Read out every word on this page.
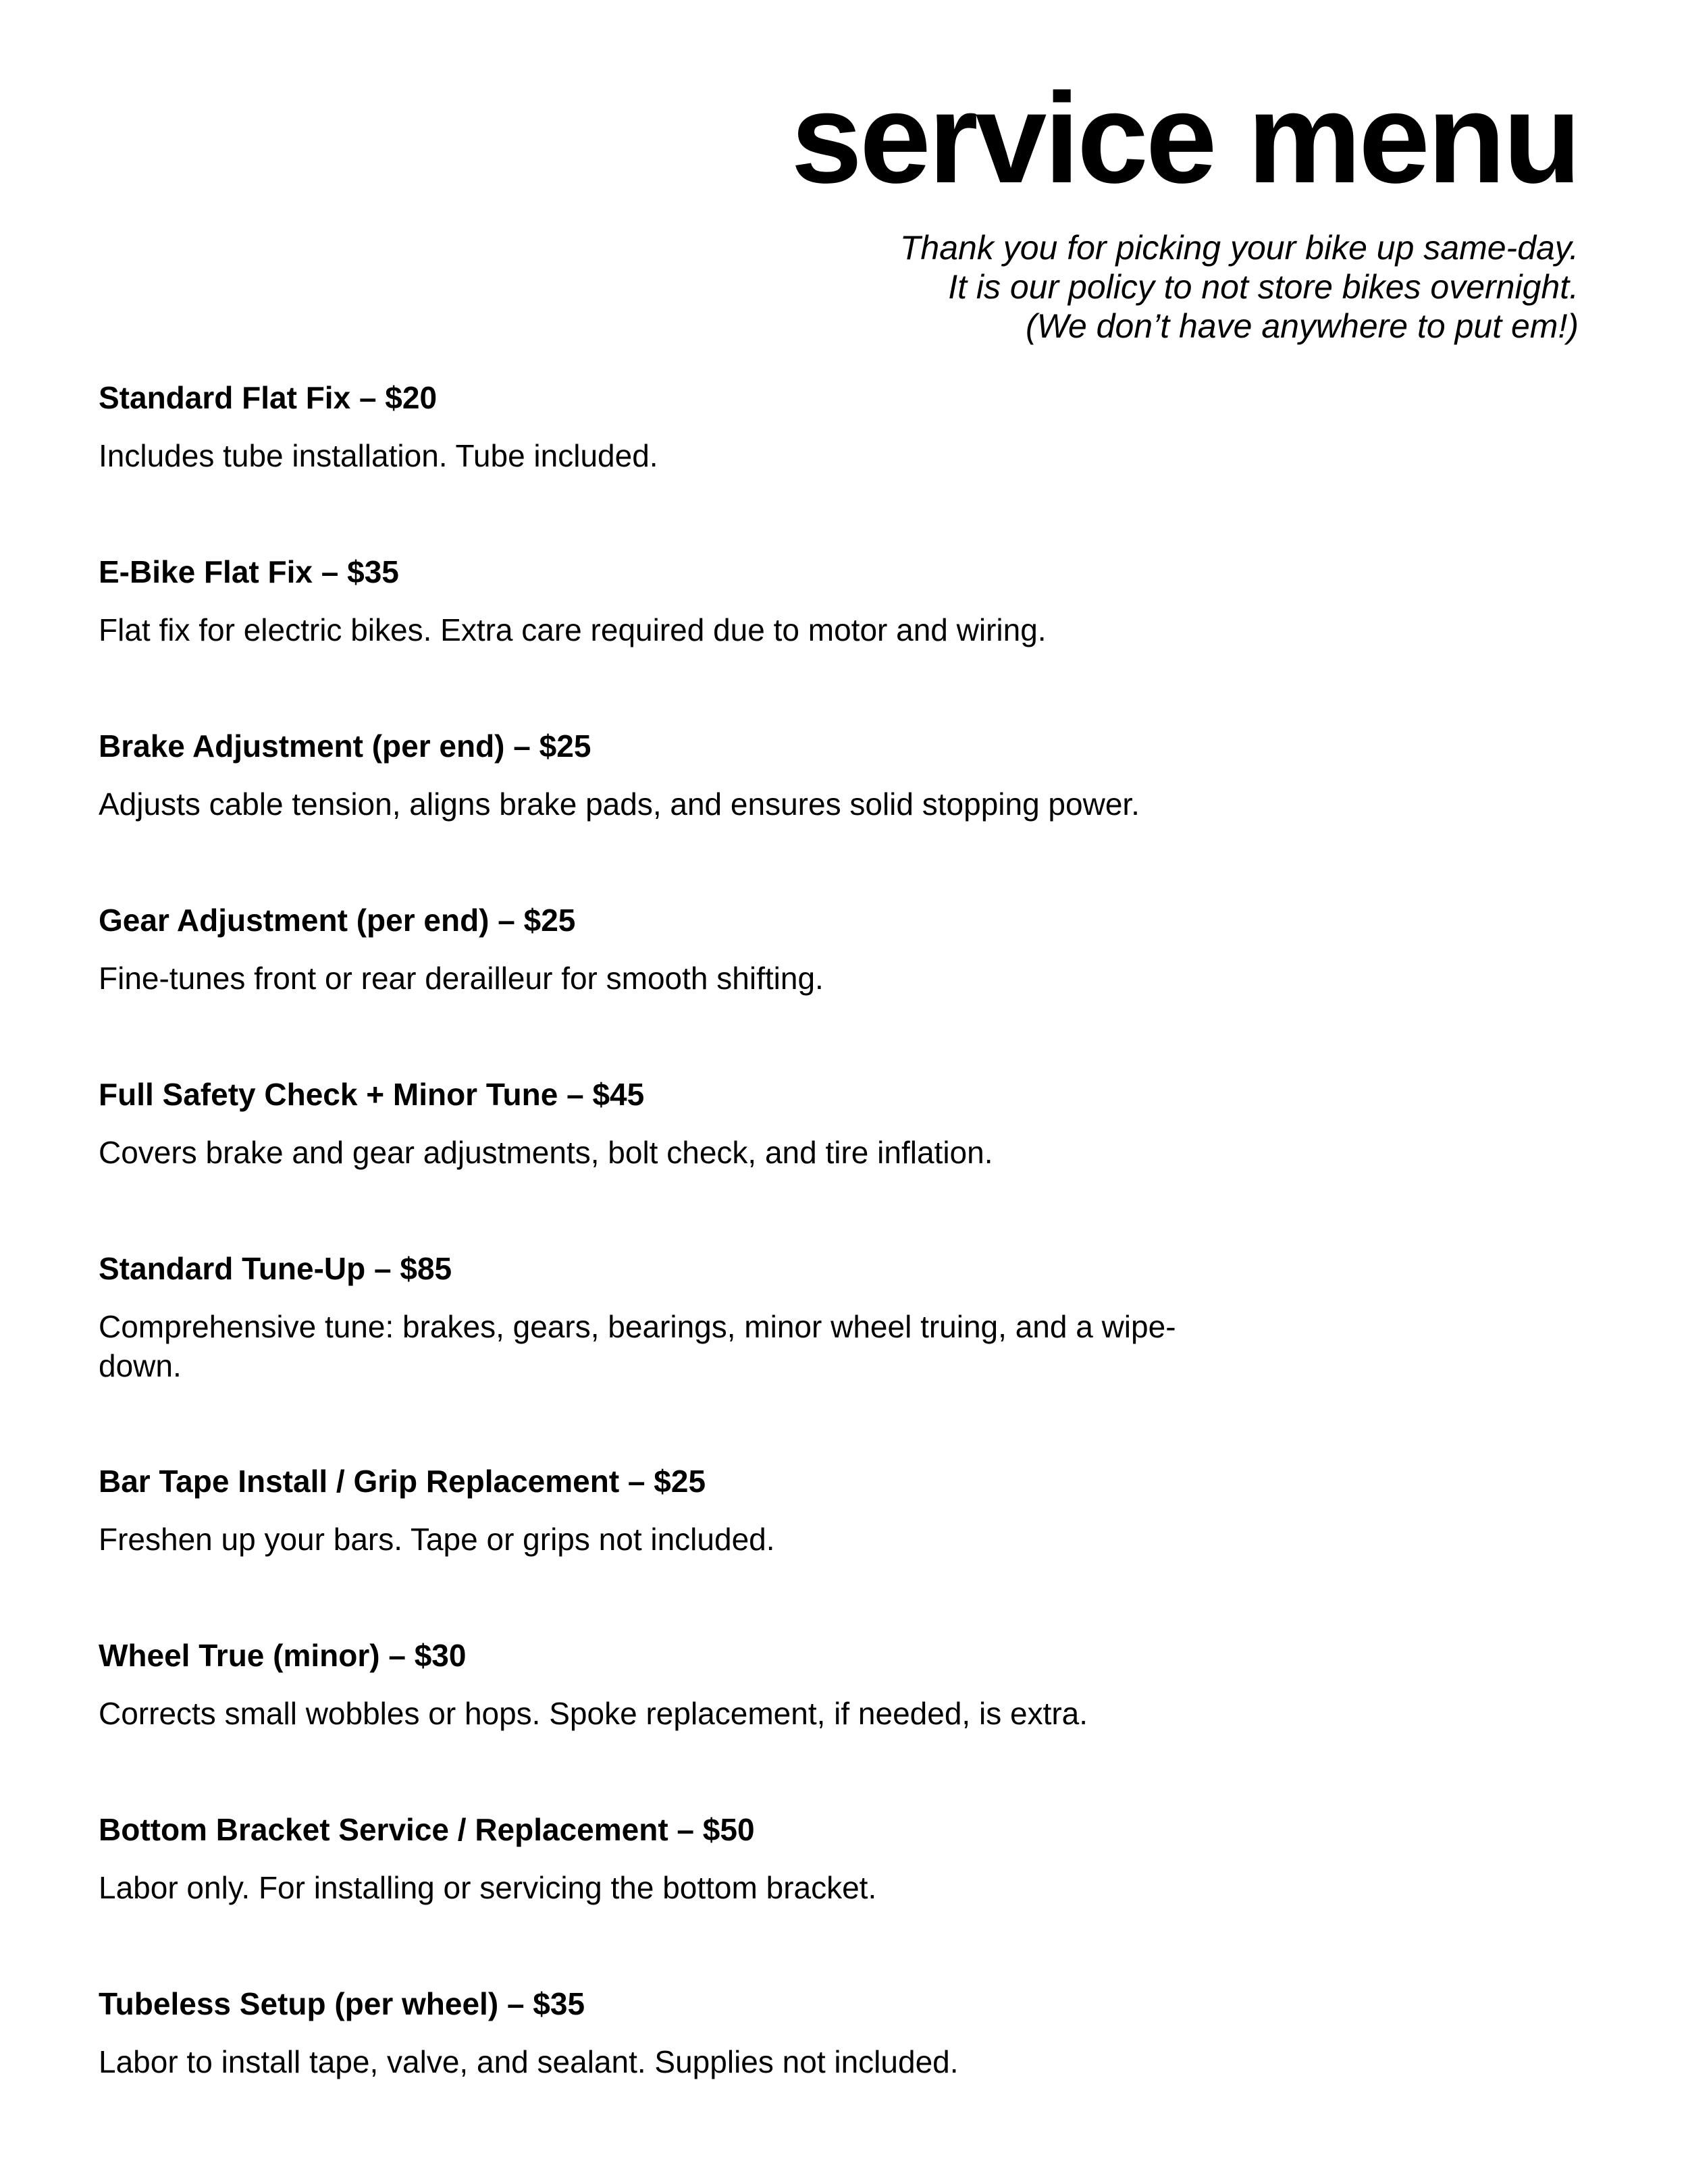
service menu
Thank you for picking your bike up same-day.
It is our policy to not store bikes overnight.
(We don’t have anywhere to put em!)
Standard Flat Fix – $20
Includes tube installation. Tube included.
E-Bike Flat Fix – $35
Flat fix for electric bikes. Extra care required due to motor and wiring.
Brake Adjustment (per end) – $25
Adjusts cable tension, aligns brake pads, and ensures solid stopping power.
Gear Adjustment (per end) – $25
Fine-tunes front or rear derailleur for smooth shifting.
Full Safety Check + Minor Tune – $45
Covers brake and gear adjustments, bolt check, and tire inflation.
Standard Tune-Up – $85
Comprehensive tune: brakes, gears, bearings, minor wheel truing, and a wipe-down.
Bar Tape Install / Grip Replacement – $25
Freshen up your bars. Tape or grips not included.
Wheel True (minor) – $30
Corrects small wobbles or hops. Spoke replacement, if needed, is extra.
Bottom Bracket Service / Replacement – $50
Labor only. For installing or servicing the bottom bracket.
Tubeless Setup (per wheel) – $35
Labor to install tape, valve, and sealant. Supplies not included.
